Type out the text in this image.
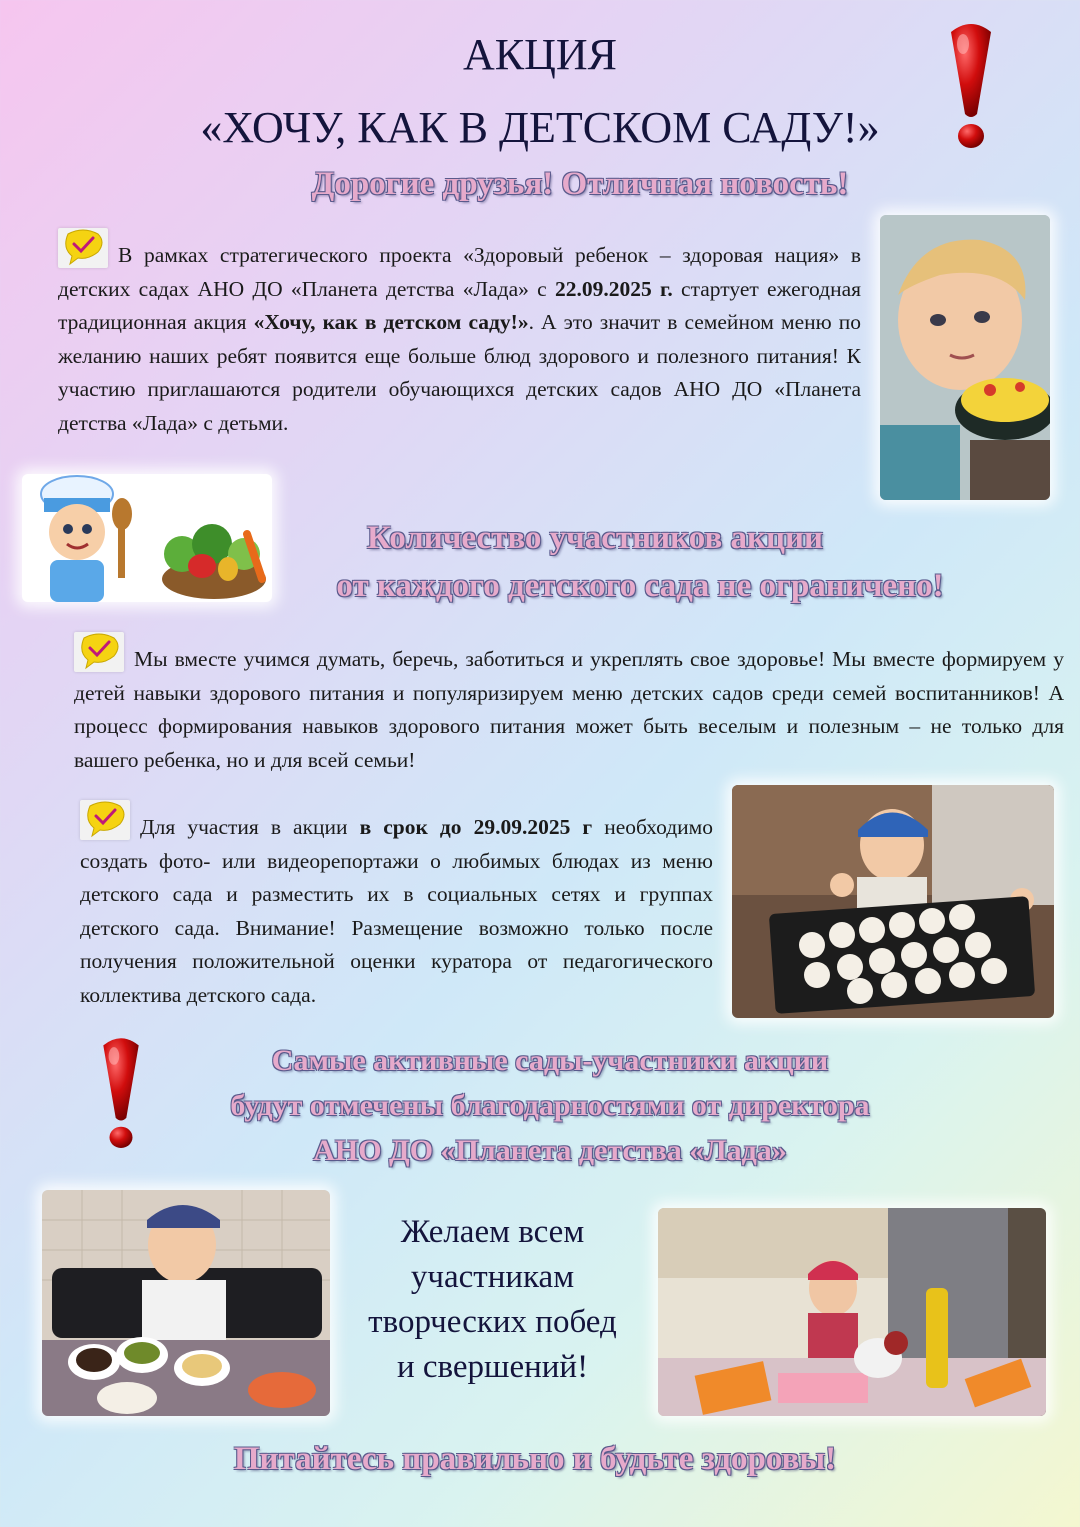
АКЦИЯ
«ХОЧУ, КАК В ДЕТСКОМ САДУ!»
Дорогие друзья! Отличная новость!
В рамках стратегического проекта «Здоровый ребенок – здоровая нация» в детских садах АНО ДО «Планета детства «Лада» с 22.09.2025 г. стартует ежегодная традиционная акция «Хочу, как в детском саду!». А это значит в семейном меню по желанию наших ребят появится еще больше блюд здорового и полезного питания! К участию приглашаются родители обучающихся детских садов АНО ДО «Планета детства «Лада» с детьми.
Количество участников акции
от каждого детского сада не ограничено!
Мы вместе учимся думать, беречь, заботиться и укреплять свое здоровье! Мы вместе формируем у детей навыки здорового питания и популяризируем меню детских садов среди семей воспитанников! А процесс формирования навыков здорового питания может быть веселым и полезным – не только для вашего ребенка, но и для всей семьи!
Для участия в акции в срок до 29.09.2025 г необходимо создать фото- или видеорепортажи о любимых блюдах из меню детского сада и разместить их в социальных сетях и группах детского сада. Внимание! Размещение возможно только после получения положительной оценки куратора от педагогического коллектива детского сада.
Самые активные сады-участники акции
будут отмечены благодарностями от директора
АНО ДО «Планета детства «Лада»
Желаем всем
участникам
творческих побед
и свершений!
Питайтесь правильно и будьте здоровы!
